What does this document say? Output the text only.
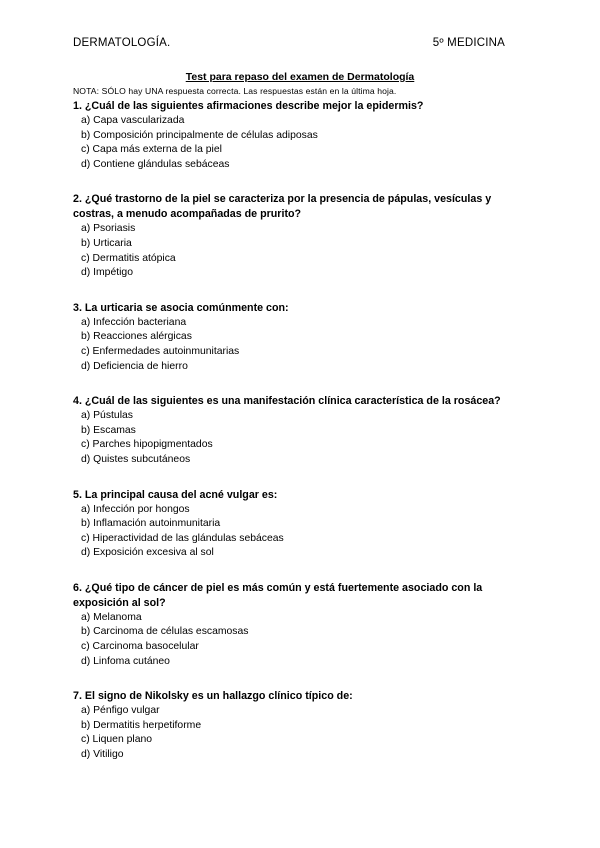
DERMATOLOGÍA.	5º MEDICINA
Test para repaso del examen de Dermatología
NOTA: SÓLO hay UNA respuesta correcta. Las respuestas están en la última hoja.

1. ¿Cuál de las siguientes afirmaciones describe mejor la epidermis?

a) Capa vascularizada
b) Composición principalmente de células adiposas
c) Capa más externa de la piel
d) Contiene glándulas sebáceas

2. ¿Qué trastorno de la piel se caracteriza por la presencia de pápulas, vesículas y costras, a menudo acompañadas de prurito?

a) Psoriasis
b) Urticaria
c) Dermatitis atópica
d) Impétigo

3. La urticaria se asocia comúnmente con:

a) Infección bacteriana
b) Reacciones alérgicas
c) Enfermedades autoinmunitarias
d) Deficiencia de hierro

4. ¿Cuál de las siguientes es una manifestación clínica característica de la rosácea?

a) Pústulas
b) Escamas
c) Parches hipopigmentados
d) Quistes subcutáneos

5. La principal causa del acné vulgar es:

a) Infección por hongos
b) Inflamación autoinmunitaria
c) Hiperactividad de las glándulas sebáceas
d) Exposición excesiva al sol

6. ¿Qué tipo de cáncer de piel es más común y está fuertemente asociado con la exposición al sol?

a) Melanoma
b) Carcinoma de células escamosas
c) Carcinoma basocelular
d) Linfoma cutáneo

7. El signo de Nikolsky es un hallazgo clínico típico de:

a) Pénfigo vulgar
b) Dermatitis herpetiforme
c) Liquen plano
d) Vitiligo
